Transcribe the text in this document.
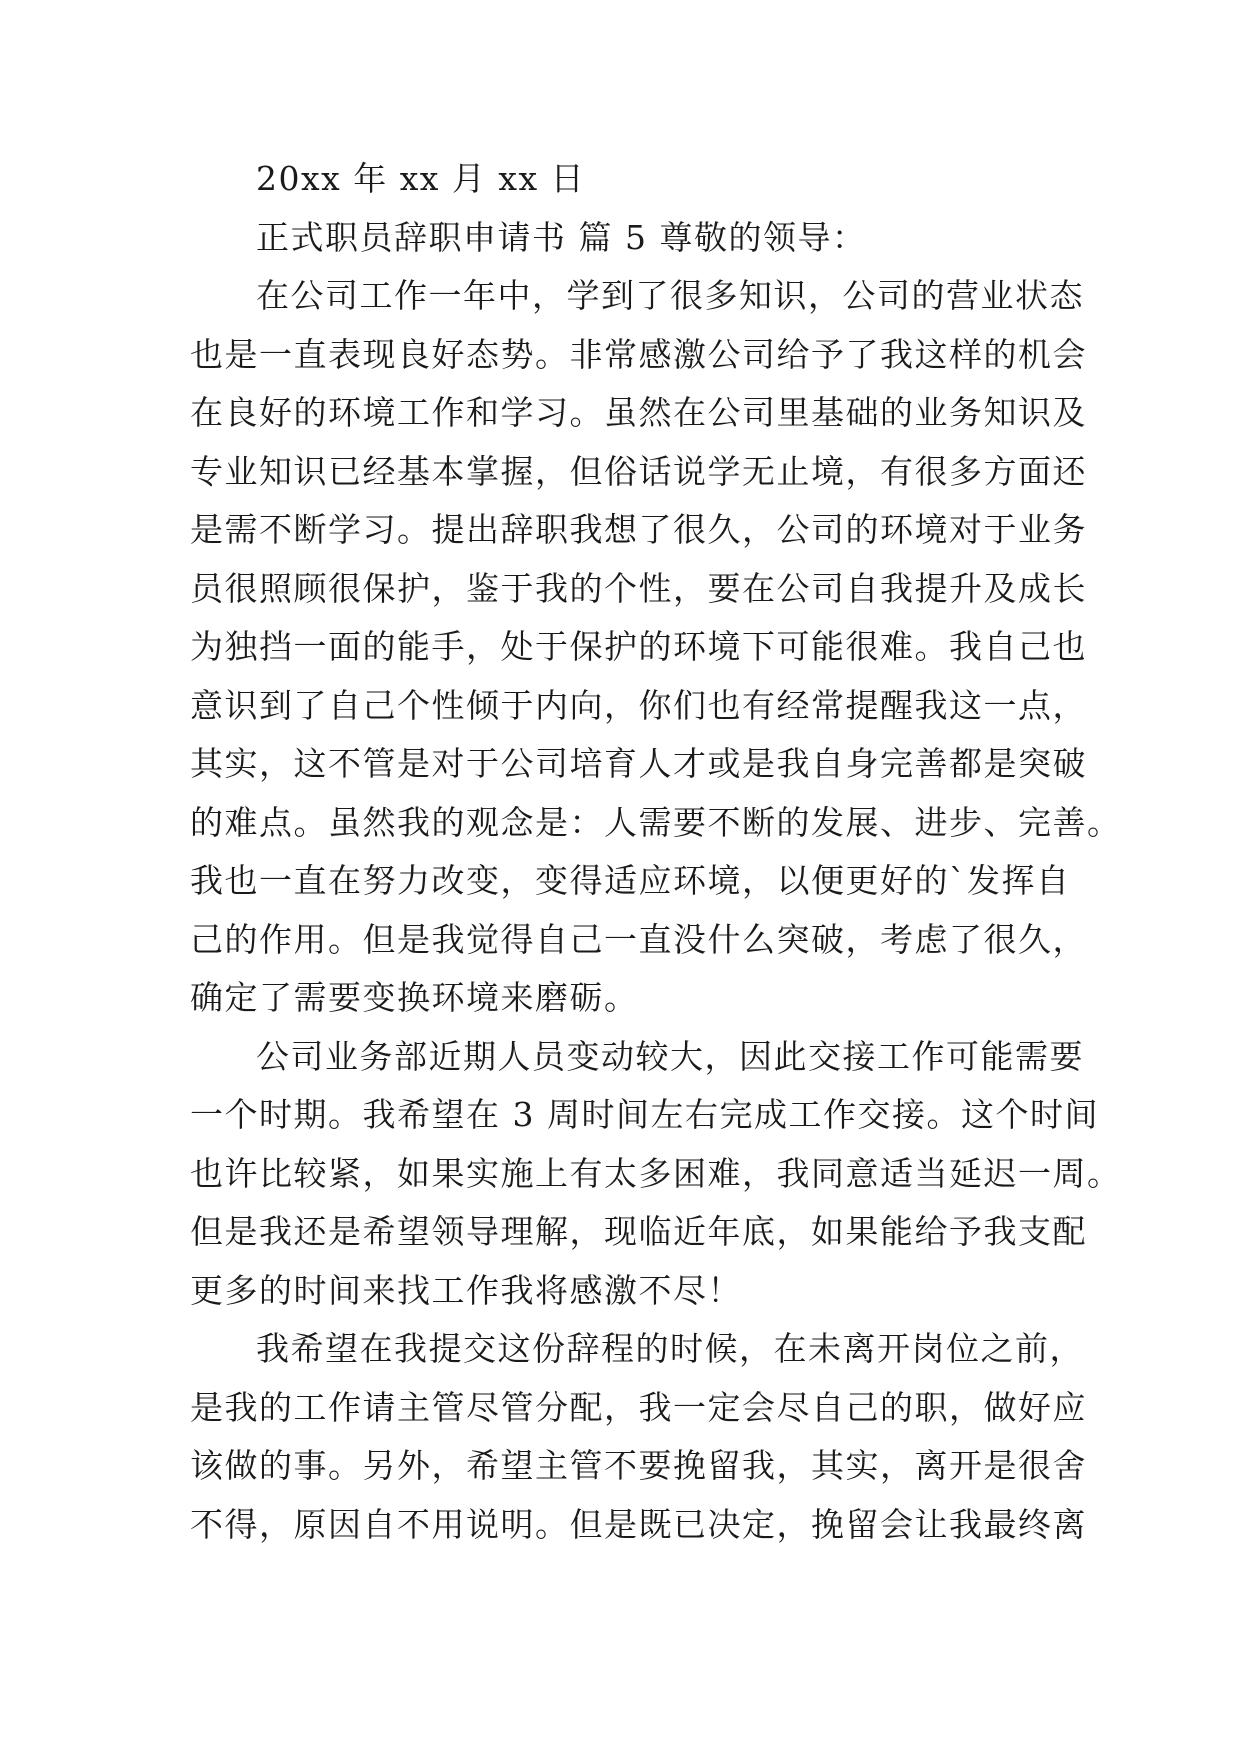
20xx 年 xx 月 xx 日
正式职员辞职申请书 篇 5 尊敬的领导：
在公司工作一年中，学到了很多知识，公司的营业状态
也是一直表现良好态势。非常感激公司给予了我这样的机会
在良好的环境工作和学习。虽然在公司里基础的业务知识及
专业知识已经基本掌握，但俗话说学无止境，有很多方面还
是需不断学习。提出辞职我想了很久，公司的环境对于业务
员很照顾很保护，鉴于我的个性，要在公司自我提升及成长
为独挡一面的能手，处于保护的环境下可能很难。我自己也
意识到了自己个性倾于内向，你们也有经常提醒我这一点，
其实，这不管是对于公司培育人才或是我自身完善都是突破
的难点。虽然我的观念是：人需要不断的发展、进步、完善。
我也一直在努力改变，变得适应环境，以便更好的`发挥自
己的作用。但是我觉得自己一直没什么突破，考虑了很久，
确定了需要变换环境来磨砺。
公司业务部近期人员变动较大，因此交接工作可能需要
一个时期。我希望在 3 周时间左右完成工作交接。这个时间
也许比较紧，如果实施上有太多困难，我同意适当延迟一周。
但是我还是希望领导理解，现临近年底，如果能给予我支配
更多的时间来找工作我将感激不尽！
我希望在我提交这份辞程的时候，在未离开岗位之前，
是我的工作请主管尽管分配，我一定会尽自己的职，做好应
该做的事。另外，希望主管不要挽留我，其实，离开是很舍
不得，原因自不用说明。但是既已决定，挽留会让我最终离
